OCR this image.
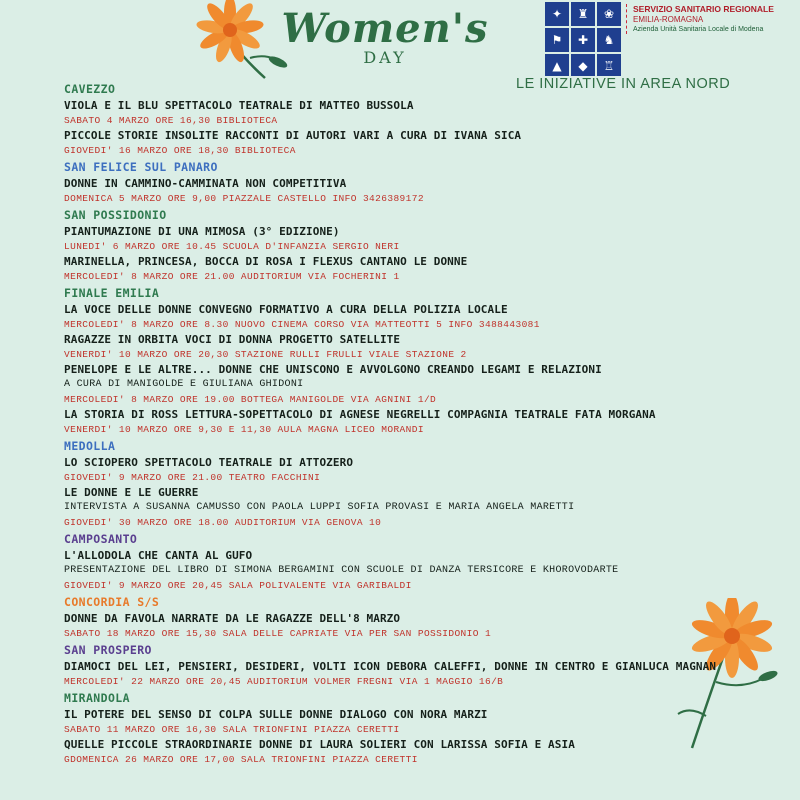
Women's
DAY
✦	♜	❀
⚑	✚	♞
▲	◆	♖
SERVIZIO SANITARIO REGIONALE
EMILIA-ROMAGNA
Azienda Unità Sanitaria Locale di Modena
LE INIZIATIVE IN AREA NORD
CAVEZZO
VIOLA E IL BLU SPETTACOLO TEATRALE DI MATTEO BUSSOLA
SABATO 4 MARZO ORE 16,30 BIBLIOTECA
PICCOLE STORIE INSOLITE RACCONTI DI AUTORI VARI A CURA DI IVANA SICA
GIOVEDI' 16 MARZO ORE 18,30 BIBLIOTECA
SAN FELICE SUL PANARO
DONNE IN CAMMINO-CAMMINATA NON COMPETITIVA
DOMENICA 5 MARZO ORE 9,00 PIAZZALE CASTELLO INFO 3426389172
SAN POSSIDONIO
PIANTUMAZIONE DI UNA MIMOSA (3° EDIZIONE)
LUNEDI' 6 MARZO ORE 10.45 SCUOLA D'INFANZIA SERGIO NERI
MARINELLA, PRINCESA, BOCCA DI ROSA I FLEXUS CANTANO LE DONNE
MERCOLEDI' 8 MARZO ORE 21.00 AUDITORIUM VIA FOCHERINI 1
FINALE EMILIA
LA VOCE DELLE DONNE CONVEGNO FORMATIVO A CURA DELLA POLIZIA LOCALE
MERCOLEDI' 8 MARZO ORE 8.30 NUOVO CINEMA CORSO VIA MATTEOTTI 5 INFO 3488443081
RAGAZZE IN ORBITA VOCI DI DONNA PROGETTO SATELLITE
VENERDI' 10 MARZO ORE 20,30 STAZIONE RULLI FRULLI VIALE STAZIONE 2
PENELOPE E LE ALTRE... DONNE CHE UNISCONO E AVVOLGONO CREANDO LEGAMI E RELAZIONI
A CURA DI MANIGOLDE E GIULIANA GHIDONI
MERCOLEDI' 8 MARZO ORE 19.00 BOTTEGA MANIGOLDE VIA AGNINI 1/D
LA STORIA DI ROSS LETTURA-SOPETTACOLO DI AGNESE NEGRELLI COMPAGNIA TEATRALE FATA MORGANA
VENERDI' 10 MARZO ORE 9,30 E 11,30 AULA MAGNA LICEO MORANDI
MEDOLLA
LO SCIOPERO SPETTACOLO TEATRALE DI ATTOZERO
GIOVEDI' 9 MARZO ORE 21.00 TEATRO FACCHINI
LE DONNE E LE GUERRE
INTERVISTA A SUSANNA CAMUSSO CON PAOLA LUPPI SOFIA PROVASI E MARIA ANGELA MARETTI
GIOVEDI' 30 MARZO ORE 18.00 AUDITORIUM VIA GENOVA 10
CAMPOSANTO
L'ALLODOLA CHE CANTA AL GUFO
PRESENTAZIONE DEL LIBRO DI SIMONA BERGAMINI CON SCUOLE DI DANZA TERSICORE E KHOROVODARTE
GIOVEDI' 9 MARZO ORE 20,45 SALA POLIVALENTE VIA GARIBALDI
CONCORDIA S/S
DONNE DA FAVOLA NARRATE DA LE RAGAZZE DELL'8 MARZO
SABATO 18 MARZO ORE 15,30 SALA DELLE CAPRIATE VIA PER SAN POSSIDONIO 1
SAN PROSPERO
DIAMOCI DEL LEI, PENSIERI, DESIDERI, VOLTI ICON DEBORA CALEFFI, DONNE IN CENTRO E GIANLUCA MAGNAN
MERCOLEDI' 22 MARZO ORE 20,45 AUDITORIUM VOLMER FREGNI VIA 1 MAGGIO 16/B
MIRANDOLA
IL POTERE DEL SENSO DI COLPA SULLE DONNE DIALOGO CON NORA MARZI
SABATO 11 MARZO ORE 16,30 SALA TRIONFINI PIAZZA CERETTI
QUELLE PICCOLE STRAORDINARIE DONNE DI LAURA SOLIERI CON LARISSA SOFIA E ASIA
GDOMENICA 26 MARZO ORE 17,00 SALA TRIONFINI PIAZZA CERETTI
